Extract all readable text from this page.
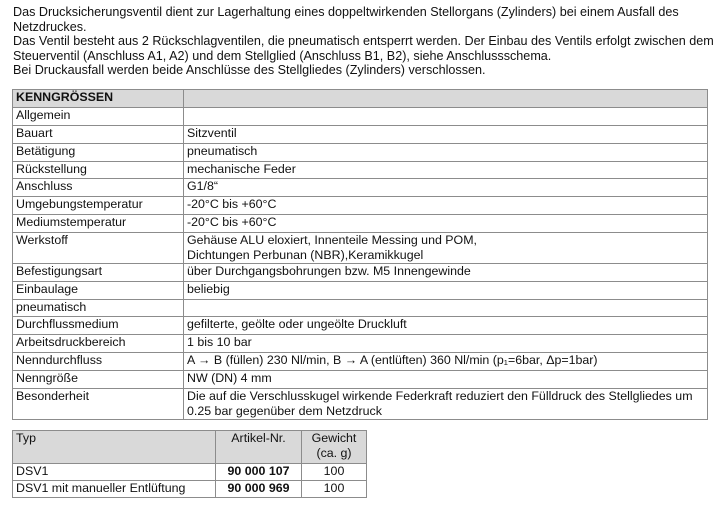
Das Drucksicherungsventil dient zur Lagerhaltung eines doppeltwirkenden Stellorgans (Zylinders) bei einem Ausfall des Netzdruckes.

Das Ventil besteht aus 2 Rückschlagventilen, die pneumatisch entsperrt werden. Der Einbau des Ventils erfolgt zwischen dem Steuerventil (Anschluss A1, A2) und dem Stellglied (Anschluss B1, B2), siehe Anschlussschema.

Bei Druckausfall werden beide Anschlüsse des Stellgliedes (Zylinders) verschlossen.

KENNGRÖSSEN	
Allgemein	
Bauart	Sitzventil
Betätigung	pneumatisch
Rückstellung	mechanische Feder
Anschluss	G1/8“
Umgebungstemperatur	-20°C bis +60°C
Mediumstemperatur	-20°C bis +60°C
Werkstoff	Gehäuse ALU eloxiert, Innenteile Messing und POM,
Dichtungen Perbunan (NBR),Keramikkugel
Befestigungsart	über Durchgangsbohrungen bzw. M5 Innengewinde
Einbaulage	beliebig
pneumatisch	
Durchflussmedium	gefilterte, geölte oder ungeölte Druckluft
Arbeitsdruckbereich	1 bis 10 bar
Nenndurchfluss	A → B (füllen) 230 Nl/min, B → A (entlüften) 360 Nl/min (p₁=6bar, Δp=1bar)
Nenngröße	NW (DN) 4 mm
Besonderheit	Die auf die Verschlusskugel wirkende Federkraft reduziert den Fülldruck des Stellgliedes um
0.25 bar gegenüber dem Netzdruck
Typ	Artikel-Nr.	Gewicht
(ca. g)
DSV1	90 000 107	100
DSV1 mit manueller Entlüftung	90 000 969	100
